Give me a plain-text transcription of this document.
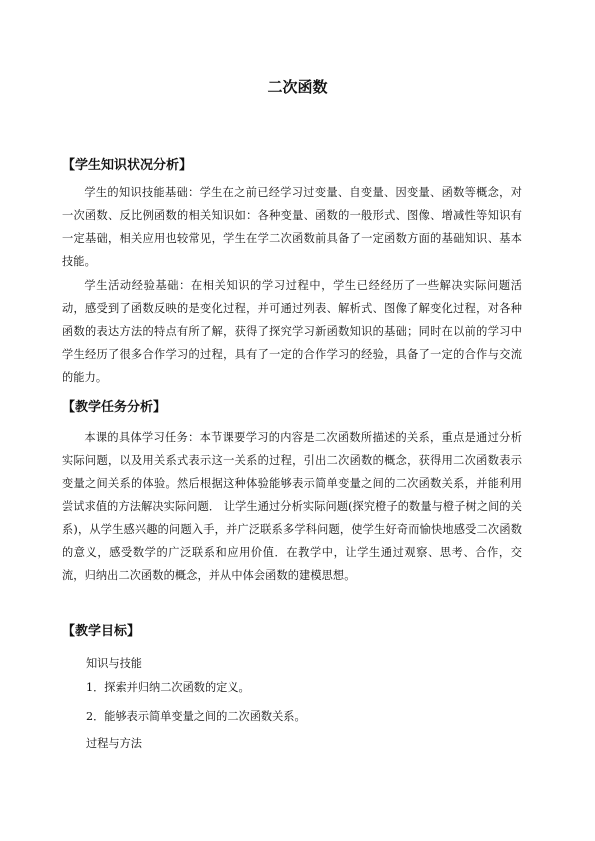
二次函数
【学生知识状况分析】

学生的知识技能基础：学生在之前已经学习过变量、自变量、因变量、函数等概念，对一次函数、反比例函数的相关知识如：各种变量、函数的一般形式、图像、增减性等知识有一定基础，相关应用也较常见，学生在学二次函数前具备了一定函数方面的基础知识、基本技能。

学生活动经验基础：在相关知识的学习过程中，学生已经经历了一些解决实际问题活动，感受到了函数反映的是变化过程，并可通过列表、解析式、图像了解变化过程，对各种函数的表达方法的特点有所了解，获得了探究学习新函数知识的基础；同时在以前的学习中学生经历了很多合作学习的过程，具有了一定的合作学习的经验，具备了一定的合作与交流的能力。

【教学任务分析】

本课的具体学习任务：本节课要学习的内容是二次函数所描述的关系，重点是通过分析实际问题，以及用关系式表示这一关系的过程，引出二次函数的概念，获得用二次函数表示变量之间关系的体验。然后根据这种体验能够表示简单变量之间的二次函数关系，并能利用尝试求值的方法解决实际问题． 让学生通过分析实际问题(探究橙子的数量与橙子树之间的关系)，从学生感兴趣的问题入手，并广泛联系多学科问题，使学生好奇而愉快地感受二次函数的意义，感受数学的广泛联系和应用价值．在教学中，让学生通过观察、思考、合作，交流，归纳出二次函数的概念，并从中体会函数的建模思想。

【教学目标】

知识与技能

1．探索并归纳二次函数的定义。

2．能够表示简单变量之间的二次函数关系。

过程与方法
